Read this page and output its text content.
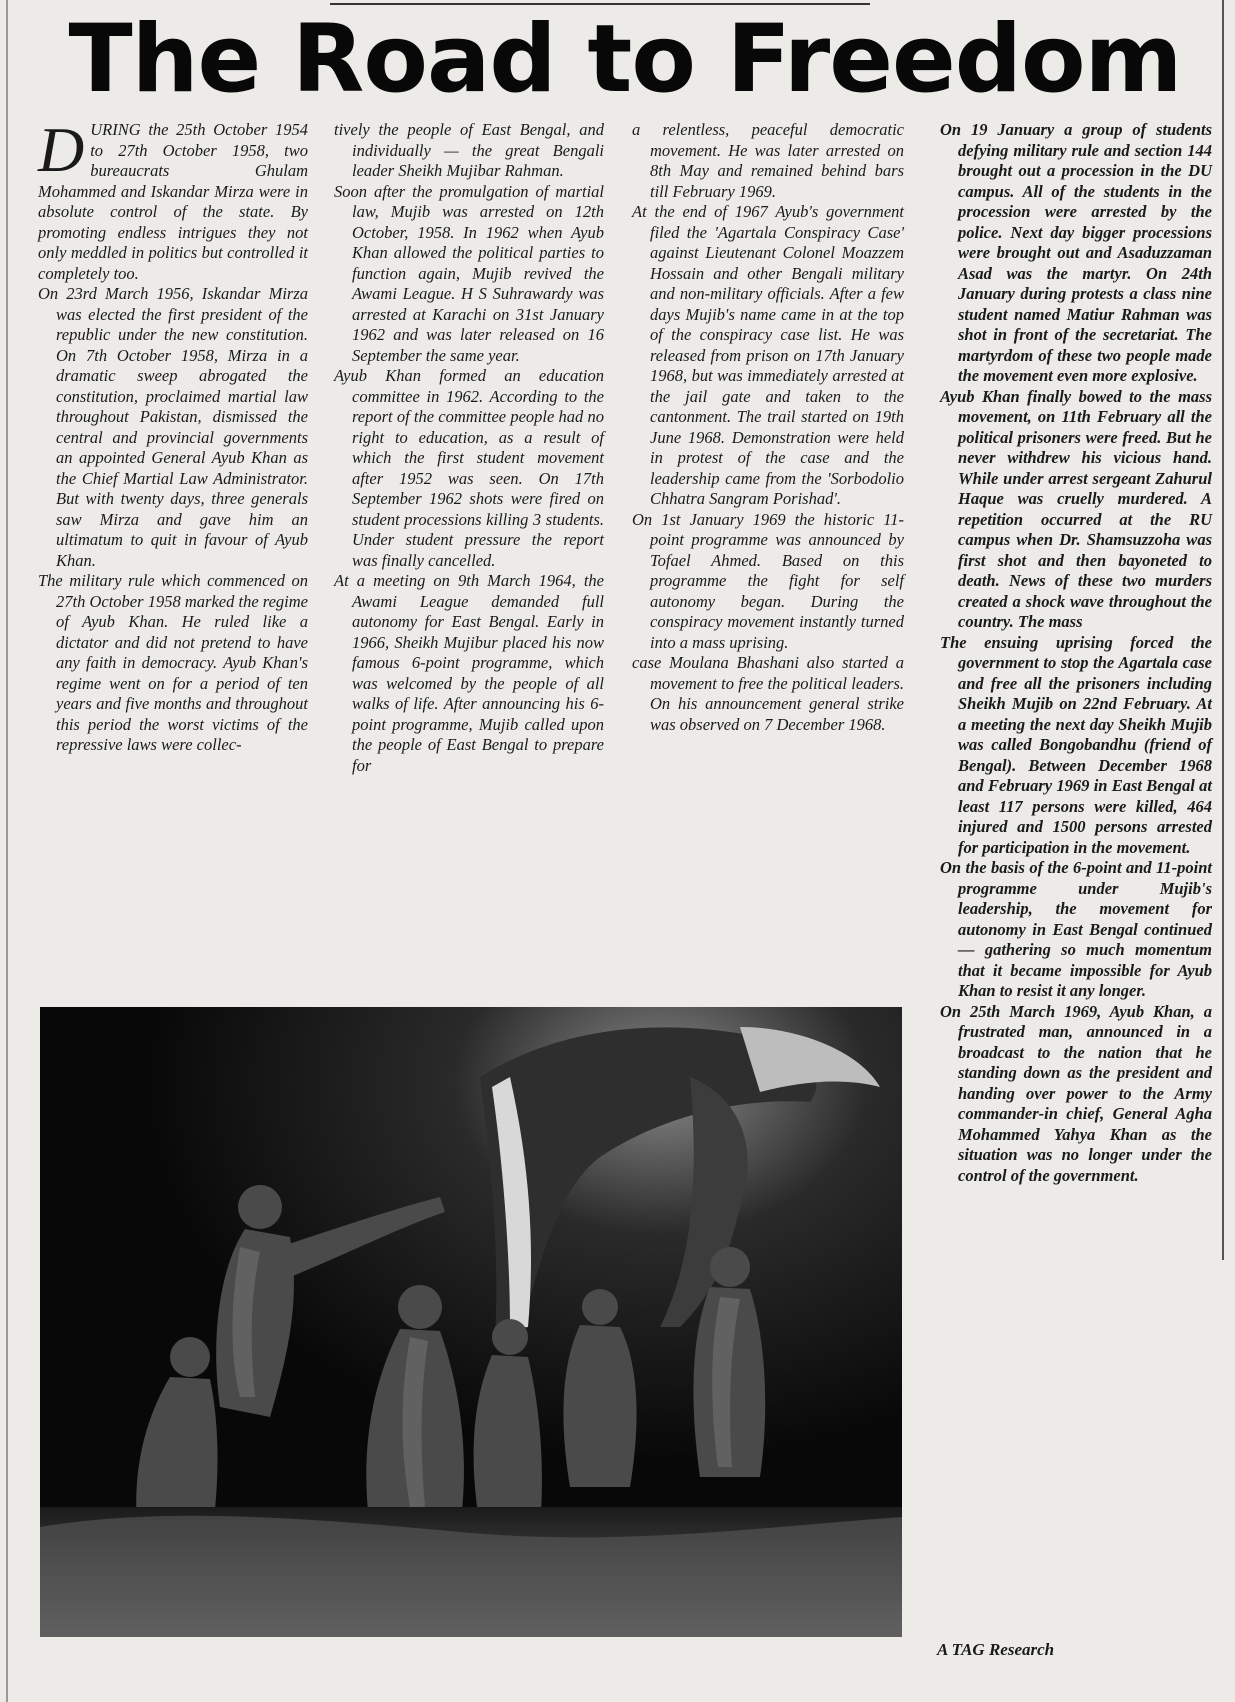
The Road to Freedom

DURING the 25th October 1954 to 27th October 1958, two bureaucrats Ghulam Mohammed and Iskandar Mirza were in absolute control of the state. By promoting endless intrigues they not only meddled in politics but controlled it completely too.

On 23rd March 1956, Iskandar Mirza was elected the first president of the republic under the new constitution. On 7th October 1958, Mirza in a dramatic sweep abrogated the constitution, proclaimed martial law throughout Pakistan, dismissed the central and provincial governments an appointed General Ayub Khan as the Chief Martial Law Administrator. But with twenty days, three generals saw Mirza and gave him an ultimatum to quit in favour of Ayub Khan.

The military rule which commenced on 27th October 1958 marked the regime of Ayub Khan. He ruled like a dictator and did not pretend to have any faith in democracy. Ayub Khan's regime went on for a period of ten years and five months and throughout this period the worst victims of the repressive laws were collec-

tively the people of East Bengal, and individually — the great Bengali leader Sheikh Mujibar Rahman.

Soon after the promulgation of martial law, Mujib was arrested on 12th October, 1958. In 1962 when Ayub Khan allowed the political parties to function again, Mujib revived the Awami League. H S Suhrawardy was arrested at Karachi on 31st January 1962 and was later released on 16 September the same year.

Ayub Khan formed an education committee in 1962. According to the report of the committee people had no right to education, as a result of which the first student movement after 1952 was seen. On 17th September 1962 shots were fired on student processions killing 3 students. Under student pressure the report was finally cancelled.

At a meeting on 9th March 1964, the Awami League demanded full autonomy for East Bengal. Early in 1966, Sheikh Mujibur placed his now famous 6-point programme, which was welcomed by the people of all walks of life. After announcing his 6-point programme, Mujib called upon the people of East Bengal to prepare for

a relentless, peaceful democratic movement. He was later arrested on 8th May and remained behind bars till February 1969.

At the end of 1967 Ayub's government filed the 'Agartala Conspiracy Case' against Lieutenant Colonel Moazzem Hossain and other Bengali military and non-military officials. After a few days Mujib's name came in at the top of the conspiracy case list. He was released from prison on 17th January 1968, but was immediately arrested at the jail gate and taken to the cantonment. The trail started on 19th June 1968. Demonstration were held in protest of the case and the leadership came from the 'Sorbodolio Chhatra Sangram Porishad'.

On 1st January 1969 the historic 11-point programme was announced by Tofael Ahmed. Based on this programme the fight for self autonomy began. During the conspiracy movement instantly turned into a mass uprising.

case Moulana Bhashani also started a movement to free the political leaders. On his announcement general strike was observed on 7 December 1968.

On 19 January a group of students defying military rule and section 144 brought out a procession in the DU campus. All of the students in the procession were arrested by the police. Next day bigger processions were brought out and Asaduzzaman Asad was the martyr. On 24th January during protests a class nine student named Matiur Rahman was shot in front of the secretariat. The martyrdom of these two people made the movement even more explosive.

Ayub Khan finally bowed to the mass movement, on 11th February all the political prisoners were freed. But he never withdrew his vicious hand. While under arrest sergeant Zahurul Haque was cruelly murdered. A repetition occurred at the RU campus when Dr. Shamsuzzoha was first shot and then bayoneted to death. News of these two murders created a shock wave throughout the country. The mass

The ensuing uprising forced the government to stop the Agartala case and free all the prisoners including Sheikh Mujib on 22nd February. At a meeting the next day Sheikh Mujib was called Bongobandhu (friend of Bengal). Between December 1968 and February 1969 in East Bengal at least 117 persons were killed, 464 injured and 1500 persons arrested for participation in the movement.

On the basis of the 6-point and 11-point programme under Mujib's leadership, the movement for autonomy in East Bengal continued — gathering so much momentum that it became impossible for Ayub Khan to resist it any longer.

On 25th March 1969, Ayub Khan, a frustrated man, announced in a broadcast to the nation that he standing down as the president and handing over power to the Army commander-in chief, General Agha Mohammed Yahya Khan as the situation was no longer under the control of the government.

A TAG Research
